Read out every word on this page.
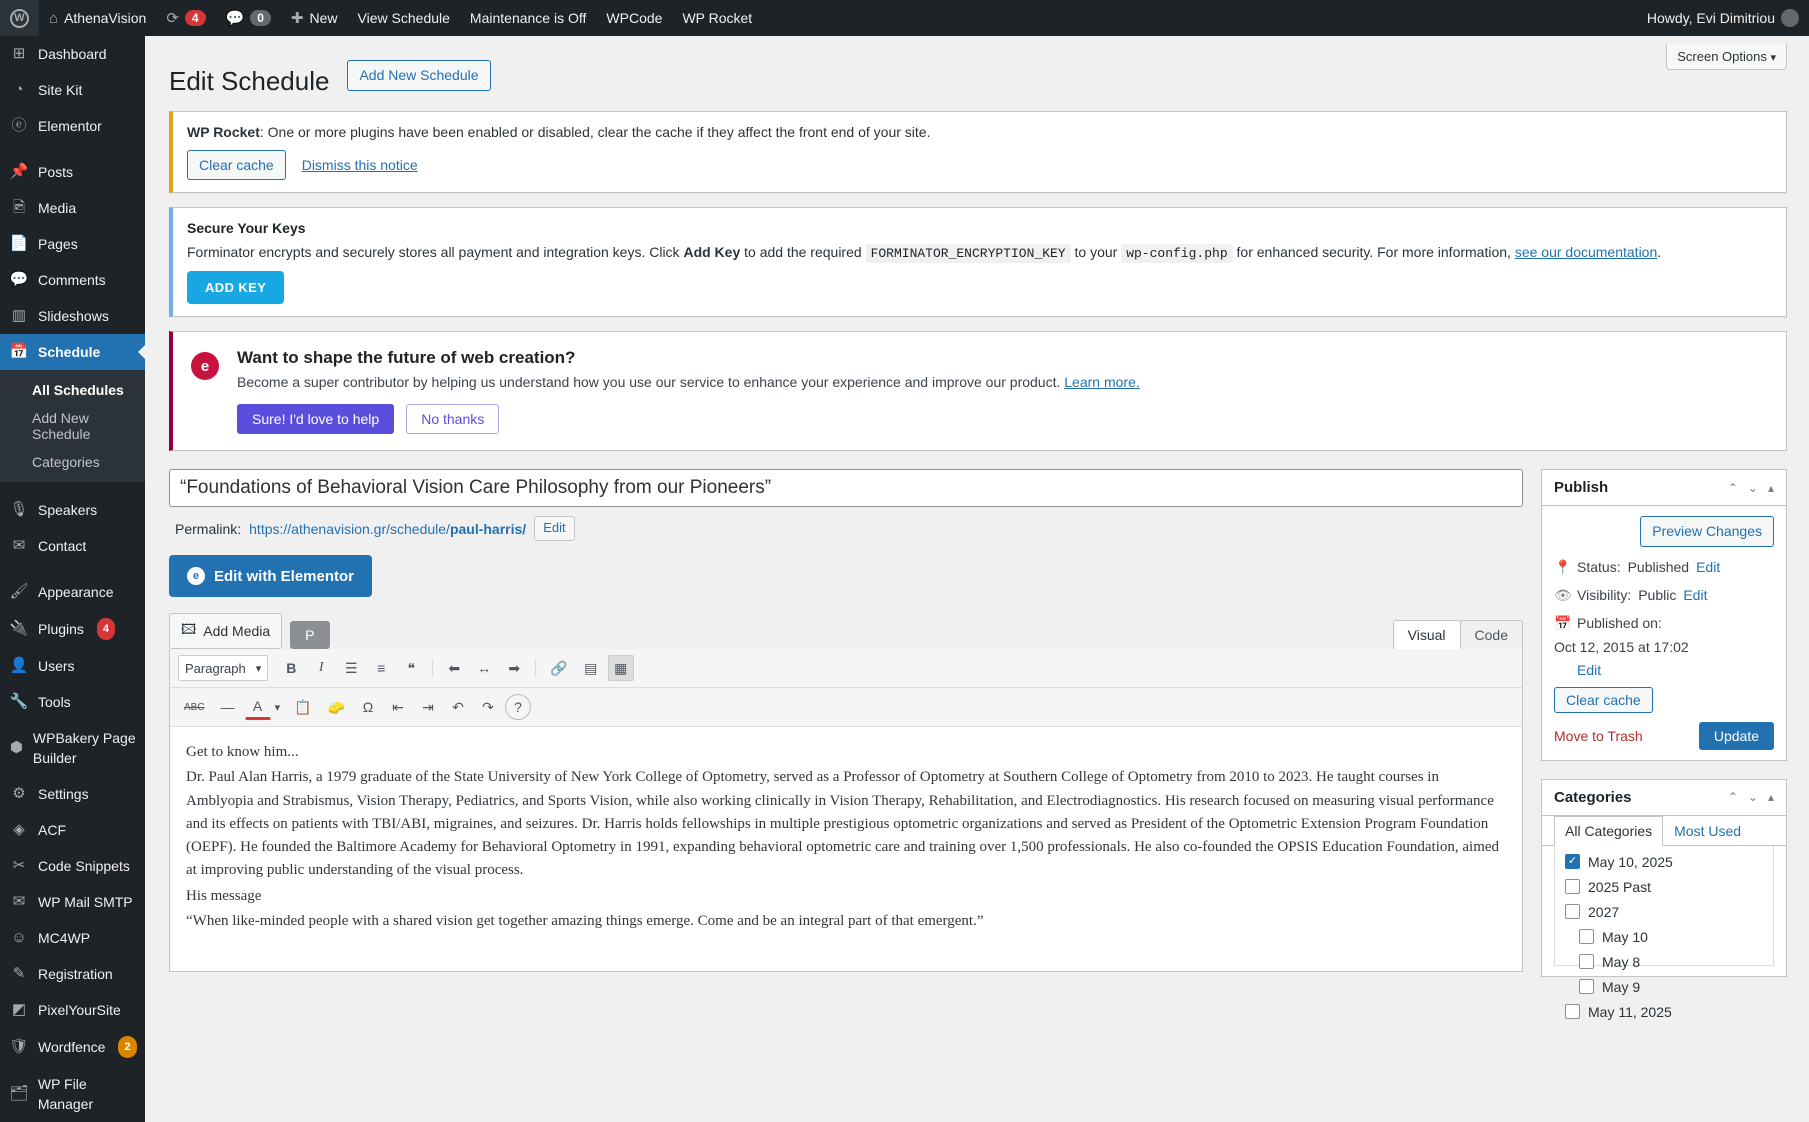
W
⌂ AthenaVision ⟳	4	💬	0	✚ New	View Schedule	Maintenance is Off	WPCode	WP Rocket	Howdy, Evi Dimitriou
⊞ Dashboard
◔	Site Kit
ⓔ Elementor
📌 Posts
🖻 Media
📄 Pages
💬 Comments
▥ Slideshows
📅 Schedule
All Schedules
Add New Schedule
Categories
🎙 Speakers
✉ Contact
🖌 Appearance
🔌 Plugins	4
👤 Users
🔧 Tools
⬢
WPBakery Page Builder
⚙ Settings
◈ ACF
✂ Code Snippets
✉ WP Mail SMTP
☺ MC4WP
✎ Registration
◩ PixelYourSite
🛡 Wordfence	2
🗂
WP File Manager
Screen Options ▾
Edit Schedule	Add New Schedule
WP Rocket: One or more plugins have been enabled or disabled, clear the cache if they affect the front end of your site.
Clear cache	Dismiss this notice
Secure Your Keys
Forminator encrypts and securely stores all payment and integration keys. Click Add Key to add the required FORMINATOR_ENCRYPTION_KEY to your wp-config.php for enhanced security. For more information, see our documentation.
ADD KEY
e Want to shape the future of web creation?

Become a super contributor by helping us understand how you use our service to enhance your experience and improve our product. Learn more.
Sure! I'd love to help	No thanks
“Foundations of Behavioral Vision Care Philosophy from our Pioneers”
Permalink: https://athenavision.gr/schedule/paul-harris/	Edit
e Edit with Elementor
🖾 Add Media	P	Visual	Code
Paragraph ▾	B	I	☰	≡	❝	⬅	↔	➡	🔗	▤	▦
ABC	—	A	▾	📋	🧽	Ω	⇤	⇥	↶	↷	?

Get to know him...

Dr. Paul Alan Harris, a 1979 graduate of the State University of New York College of Optometry, served as a Professor of Optometry at Southern College of Optometry from 2010 to 2023. He taught courses in Amblyopia and Strabismus, Vision Therapy, Pediatrics, and Sports Vision, while also working clinically in Vision Therapy, Rehabilitation, and Electrodiagnostics. His research focused on measuring visual performance and its effects on patients with TBI/ABI, migraines, and seizures. Dr. Harris holds fellowships in multiple prestigious optometric organizations and served as President of the Optometric Extension Program Foundation (OEPF). He founded the Baltimore Academy for Behavioral Optometry in 1991, expanding behavioral optometric care and training over 1,500 professionals. He also co-founded the OPSIS Education Foundation, aimed at improving public understanding of the visual process.

His message

“When like-minded people with a shared vision get together amazing things emerge. Come and be an integral part of that emergent.”

Publish	⌃ ⌄ ▴
Preview Changes
📍 Status: Published Edit
👁 Visibility: Public Edit
📅 Published on:
Oct 12, 2015 at 17:02
Edit
Clear cache
Move to Trash	Update
Categories	⌃ ⌄ ▴
All Categories	Most Used
✓
May 10, 2025
2025 Past
2027
May 10
May 8
May 9
May 11, 2025
